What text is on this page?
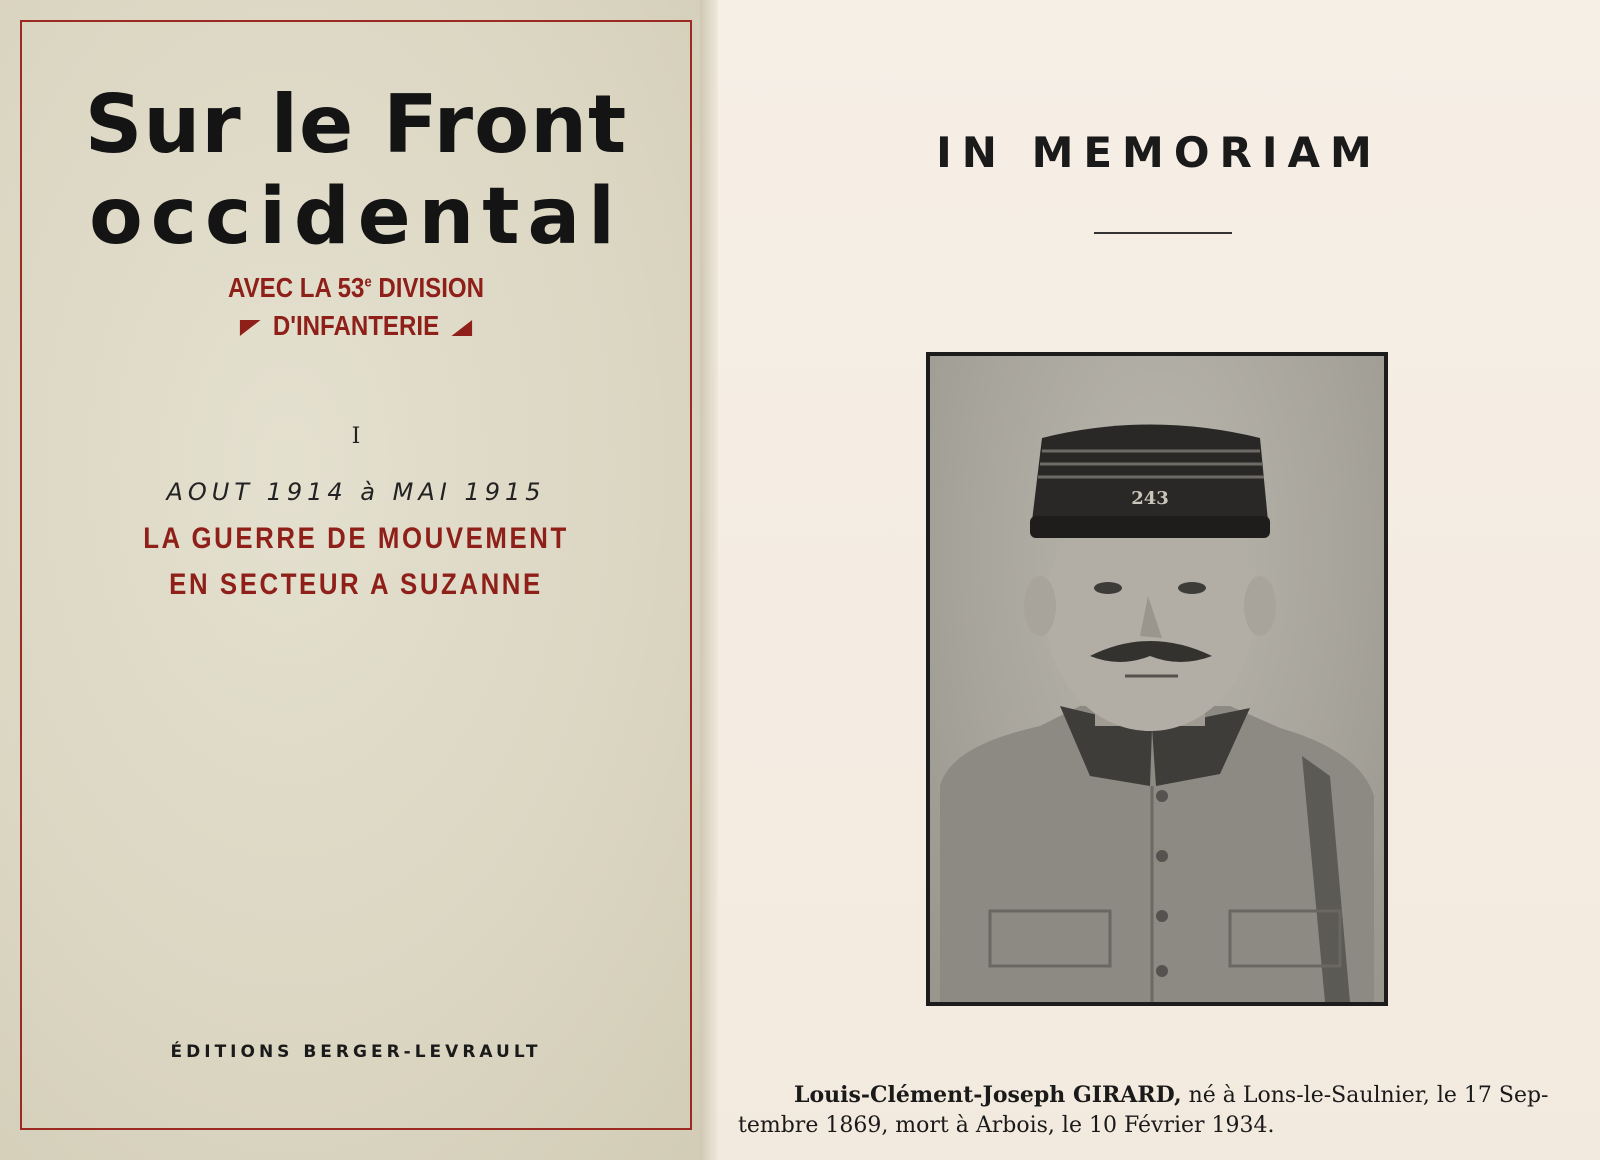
Sur le Front
occidental
AVEC LA 53e DIVISION
D'INFANTERIE
I
AOUT 1914 à MAI 1915
LA GUERRE DE MOUVEMENT
EN SECTEUR A SUZANNE
ÉDITIONS BERGER-LEVRAULT
IN MEMORIAM
243

Louis-Clément-Joseph GIRARD, né à Lons-le-Saulnier, le 17 Sep-
tembre 1869, mort à Arbois, le 10 Février 1934.
